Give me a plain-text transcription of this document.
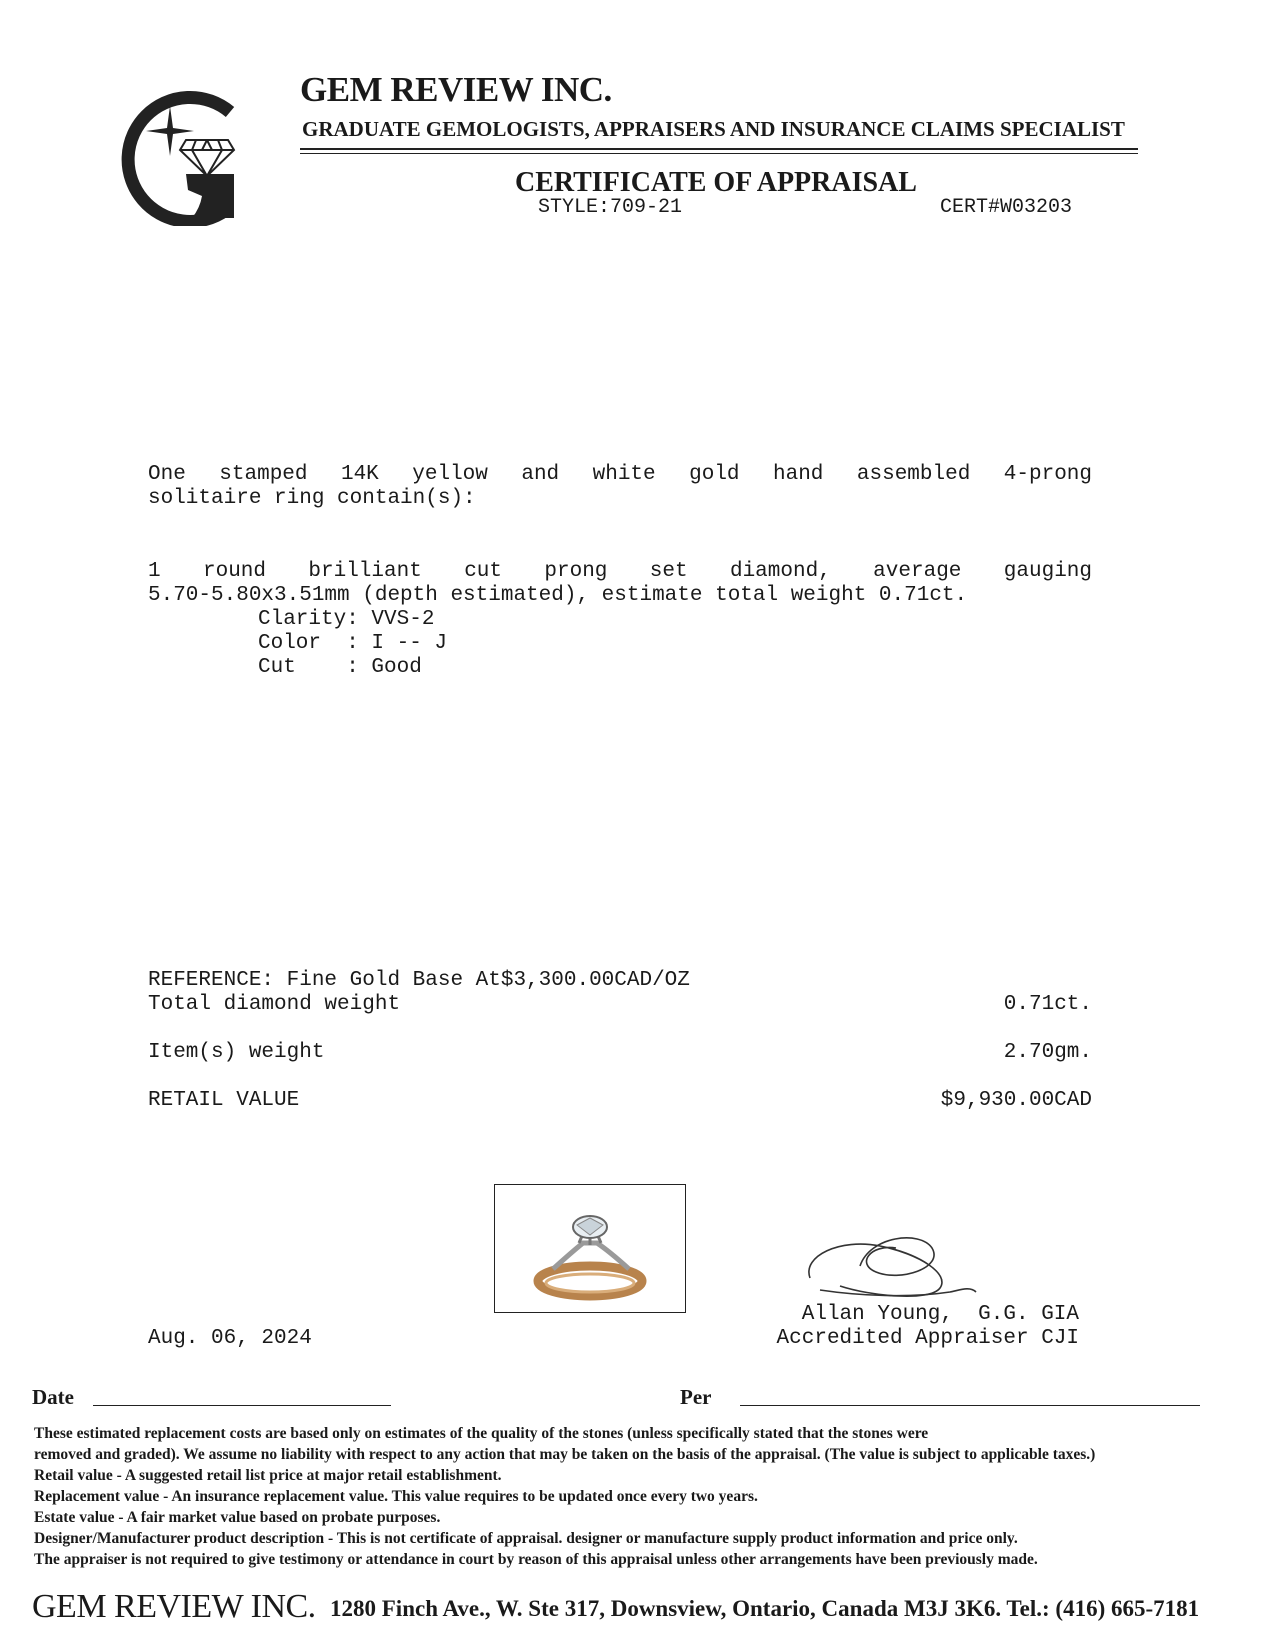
GEM REVIEW INC.
GRADUATE GEMOLOGISTS, APPRAISERS AND INSURANCE CLAIMS SPECIALIST
CERTIFICATE OF APPRAISAL
STYLE:709-21	CERT#W03203
One stamped 14K yellow and white gold hand assembled 4-prong
solitaire ring contain(s):
1 round brilliant cut prong set diamond, average gauging
5.70-5.80x3.51mm (depth estimated), estimate total weight 0.71ct.
Clarity: VVS-2
Color  : I -- J
Cut    : Good
REFERENCE: Fine Gold Base At$3,300.00CAD/OZ
Total diamond weight	0.71ct.
Item(s) weight	2.70gm.
RETAIL VALUE	$9,930.00CAD
Aug. 06, 2024
Allan Young,  G.G. GIA
Accredited Appraiser CJI
Date	Per
These estimated replacement costs are based only on estimates of the quality of the stones (unless specifically stated that the stones were
removed and graded). We assume no liability with respect to any action that may be taken on the basis of the appraisal. (The value is subject to applicable taxes.)
Retail value - A suggested retail list price at major retail establishment.
Replacement value - An insurance replacement value. This value requires to be updated once every two years.
Estate value - A fair market value based on probate purposes.
Designer/Manufacturer product description - This is not certificate of appraisal. designer or manufacture supply product information and price only.
The appraiser is not required to give testimony or attendance in court by reason of this appraisal unless other arrangements have been previously made.
GEM REVIEW INC. 1280 Finch Ave., W. Ste 317, Downsview, Ontario, Canada M3J 3K6. Tel.: (416) 665-7181
